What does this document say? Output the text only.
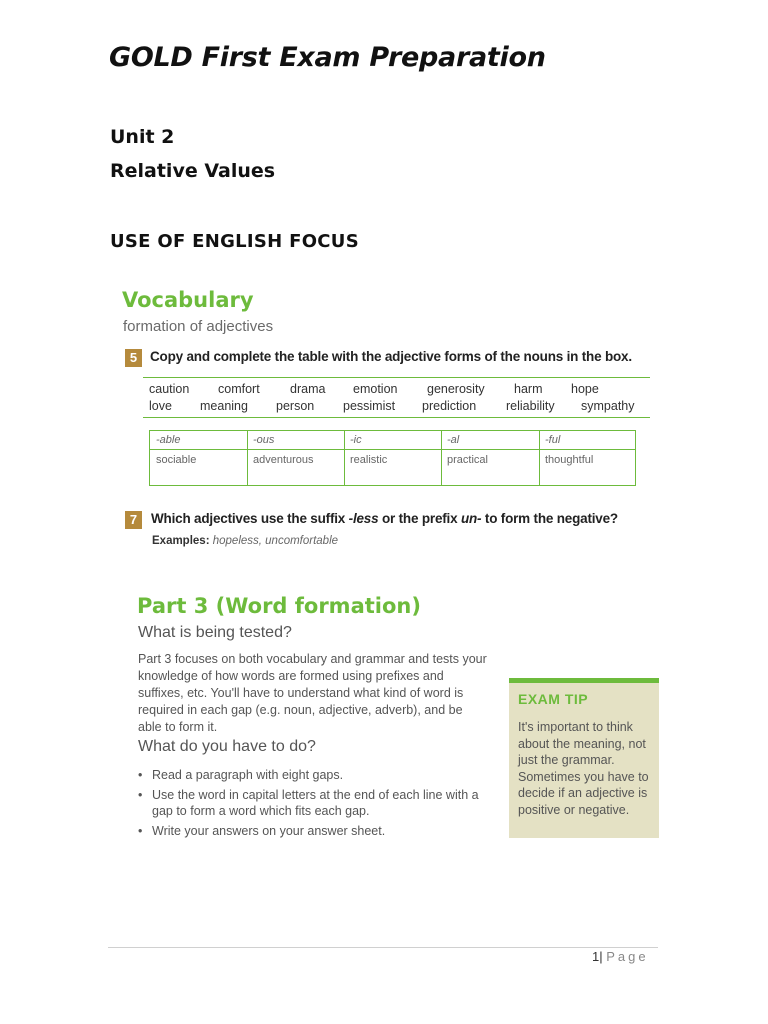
GOLD First Exam Preparation
Unit 2
Relative Values
USE OF ENGLISH FOCUS
Vocabulary
formation of adjectives
5 Copy and complete the table with the adjective forms of the nouns in the box.
caution comfort drama emotion generosity harm hope
love meaning person pessimist prediction reliability sympathy
-able	-ous	-ic	-al	-ful
sociable	adventurous	realistic	practical	thoughtful
7	Which adjectives use the suffix -less or the prefix un- to form the negative?
Examples: hopeless, uncomfortable
Part 3 (Word formation)
What is being tested?
Part 3 focuses on both vocabulary and grammar and tests your knowledge of how words are formed using prefixes and suffixes, etc. You'll have to understand what kind of word is required in each gap (e.g. noun, adjective, adverb), and be able to form it.
What do you have to do?
• Read a paragraph with eight gaps.
• Use the word in capital letters at the end of each line with a gap to form a word which fits each gap.
• Write your answers on your answer sheet.
EXAM TIP
It's important to think about the meaning, not just the grammar. Sometimes you have to decide if an adjective is positive or negative.
1| Page
